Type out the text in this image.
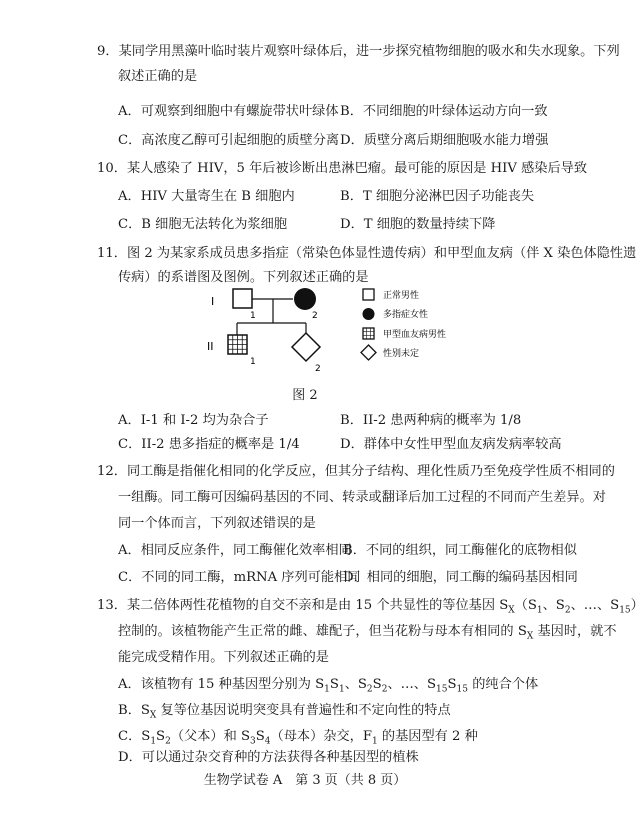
9．某同学用黑藻叶临时装片观察叶绿体后，进一步探究植物细胞的吸水和失水现象。下列
叙述正确的是
A．可观察到细胞中有螺旋带状叶绿体 B．不同细胞的叶绿体运动方向一致
C．高浓度乙醇可引起细胞的质壁分离 D．质壁分离后期细胞吸水能力增强
10．某人感染了 HIV，5 年后被诊断出患淋巴瘤。最可能的原因是 HIV 感染后导致
A．HIV 大量寄生在 B 细胞内	B．T 细胞分泌淋巴因子功能丧失
C．B 细胞无法转化为浆细胞	D．T 细胞的数量持续下降
11．图 2 为某家系成员患多指症（常染色体显性遗传病）和甲型血友病（伴 X 染色体隐性遗
传病）的系谱图及图例。下列叙述正确的是
I
II
1	2
1
2
正常男性
多指症女性
甲型血友病男性
性别未定
图 2
A．I-1 和 I-2 均为杂合子	B．II-2 患两种病的概率为 1/8
C．II-2 患多指症的概率是 1/4	D．群体中女性甲型血友病发病率较高
12．同工酶是指催化相同的化学反应，但其分子结构、理化性质乃至免疫学性质不相同的
一组酶。同工酶可因编码基因的不同、转录或翻译后加工过程的不同而产生差异。对
同一个体而言，下列叙述错误的是
A．相同反应条件，同工酶催化效率相同
B．不同的组织，同工酶催化的底物相似
C．不同的同工酶，mRNA 序列可能相同
D．相同的细胞，同工酶的编码基因相同
13．某二倍体两性花植物的自交不亲和是由 15 个共显性的等位基因 $S_X(S_1$、$S_2$、…、$S_{15}$）
控制的。该植物能产生正常的雌、雄配子，但当花粉与母本有相同的 $S_X$ 基因时，就不
能完成受精作用。下列叙述正确的是
A．该植物有 15 种基因型分别为 $S_1S_1$、$S_2S_2$、…、$S_{15}S_{15}$ 的纯合个体
B．$S_X$ 复等位基因说明突变具有普遍性和不定向性的特点
C．$S_1S_2$（父本）和 $S_3S_4$（母本）杂交，$F_1$ 的基因型有 2 种
D．可以通过杂交育种的方法获得各种基因型的植株
生物学试卷 A　第 3 页（共 8 页）
